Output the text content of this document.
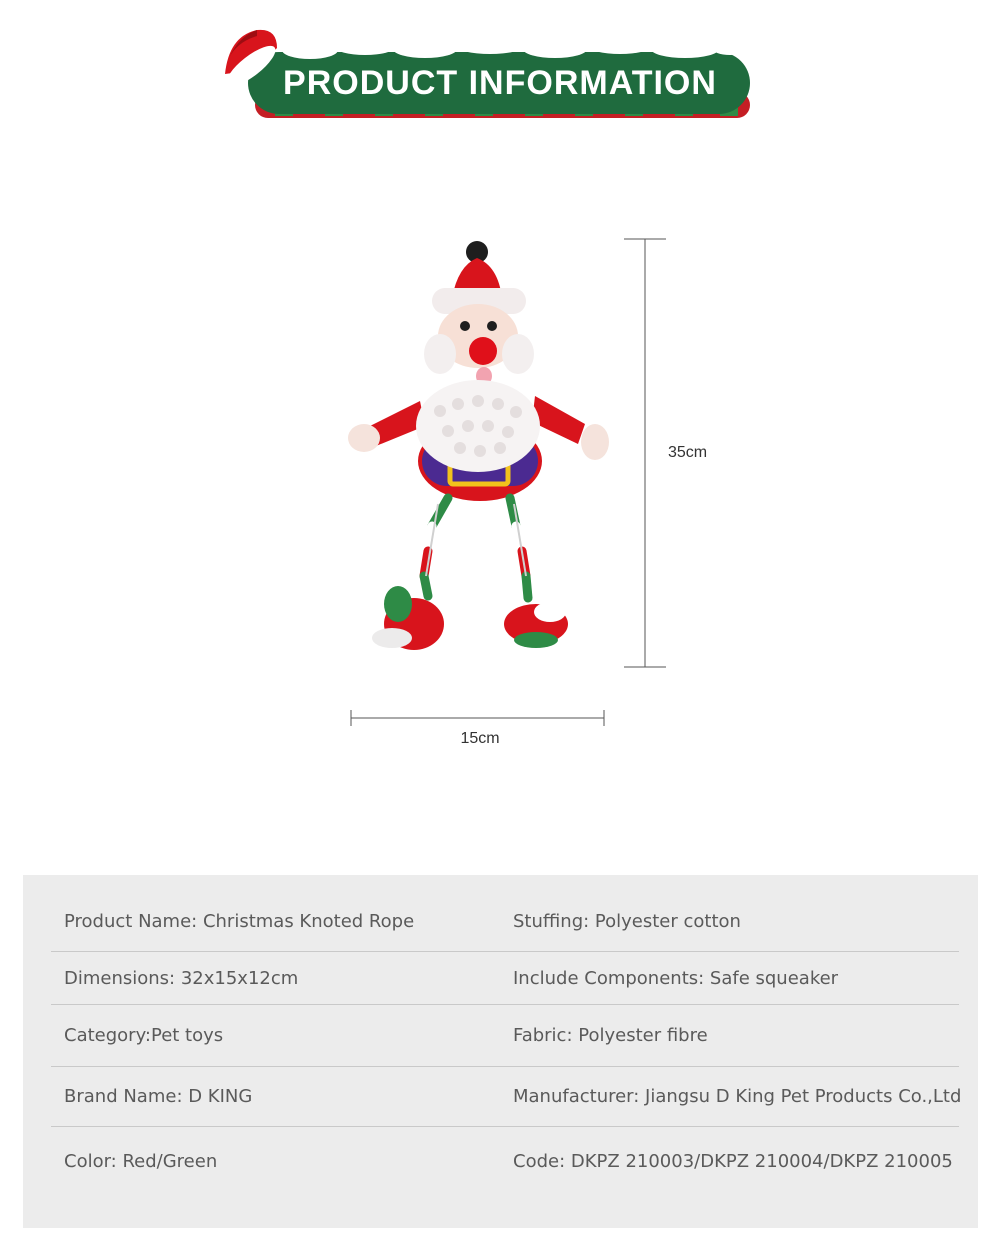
PRODUCT INFORMATION
35cm
15cm
Product Name: Christmas Knoted Rope	Stuffing: Polyester cotton
Dimensions: 32x15x12cm	Include Components: Safe squeaker
Category:Pet toys	Fabric: Polyester fibre
Brand Name: D KING	Manufacturer: Jiangsu D King Pet Products Co.,Ltd
Color: Red/Green	Code: DKPZ 210003/DKPZ 210004/DKPZ 210005
